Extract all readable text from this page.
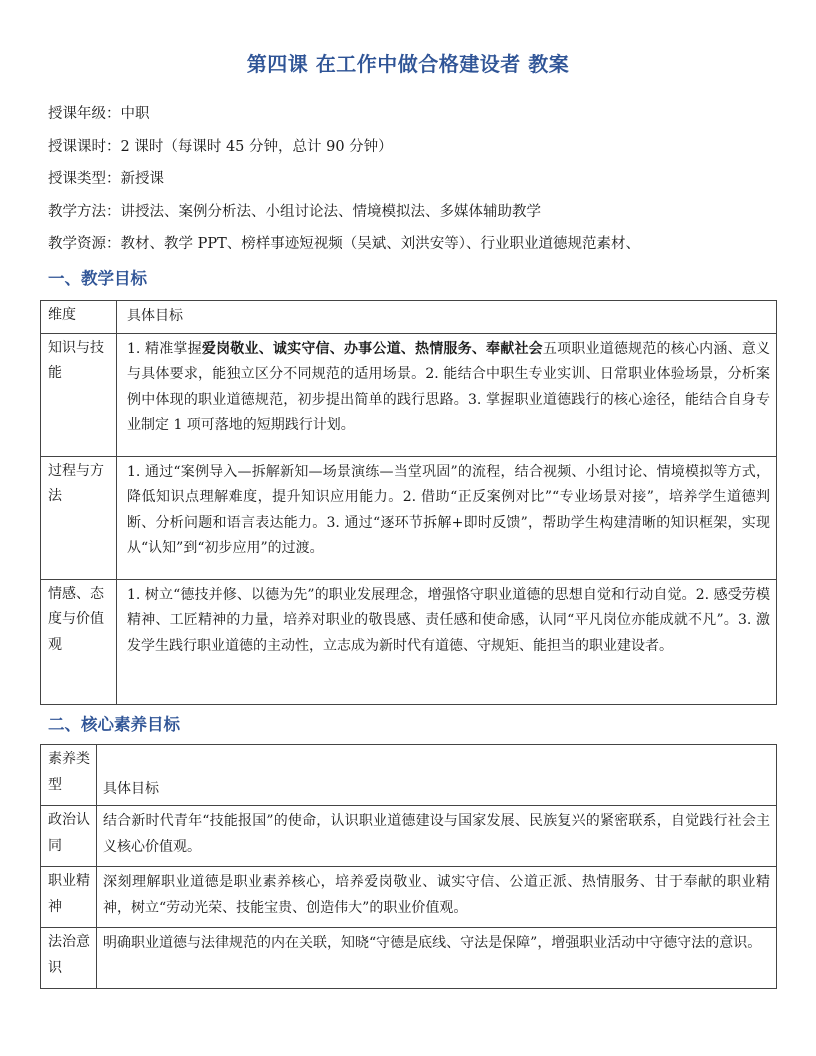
第四课 在工作中做合格建设者 教案
授课年级：中职
授课课时：2 课时（每课时 45 分钟，总计 90 分钟）
授课类型：新授课
教学方法：讲授法、案例分析法、小组讨论法、情境模拟法、多媒体辅助教学
教学资源：教材、教学 PPT、榜样事迹短视频（吴斌、刘洪安等）、行业职业道德规范素材、
一、教学目标
维度	具体目标
知识与技能	1. 精准掌握爱岗敬业、诚实守信、办事公道、热情服务、奉献社会五项职业道德规范的核心内涵、意义与具体要求，能独立区分不同规范的适用场景。2. 能结合中职生专业实训、日常职业体验场景，分析案例中体现的职业道德规范，初步提出简单的践行思路。3. 掌握职业道德践行的核心途径，能结合自身专业制定 1 项可落地的短期践行计划。
过程与方法	1. 通过“案例导入—拆解新知—场景演练—当堂巩固”的流程，结合视频、小组讨论、情境模拟等方式，降低知识点理解难度，提升知识应用能力。2. 借助“正反案例对比”“专业场景对接”，培养学生道德判断、分析问题和语言表达能力。3. 通过“逐环节拆解+即时反馈”，帮助学生构建清晰的知识框架，实现从“认知”到“初步应用”的过渡。
情感、态度与价值观	1. 树立“德技并修、以德为先”的职业发展理念，增强恪守职业道德的思想自觉和行动自觉。2. 感受劳模精神、工匠精神的力量，培养对职业的敬畏感、责任感和使命感，认同“平凡岗位亦能成就不凡”。3. 激发学生践行职业道德的主动性，立志成为新时代有道德、守规矩、能担当的职业建设者。
二、核心素养目标
素养类型	具体目标
政治认同	结合新时代青年“技能报国”的使命，认识职业道德建设与国家发展、民族复兴的紧密联系，自觉践行社会主义核心价值观。
职业精神	深刻理解职业道德是职业素养核心，培养爱岗敬业、诚实守信、公道正派、热情服务、甘于奉献的职业精神，树立“劳动光荣、技能宝贵、创造伟大”的职业价值观。
法治意识	明确职业道德与法律规范的内在关联，知晓“守德是底线、守法是保障”，增强职业活动中守德守法的意识。
